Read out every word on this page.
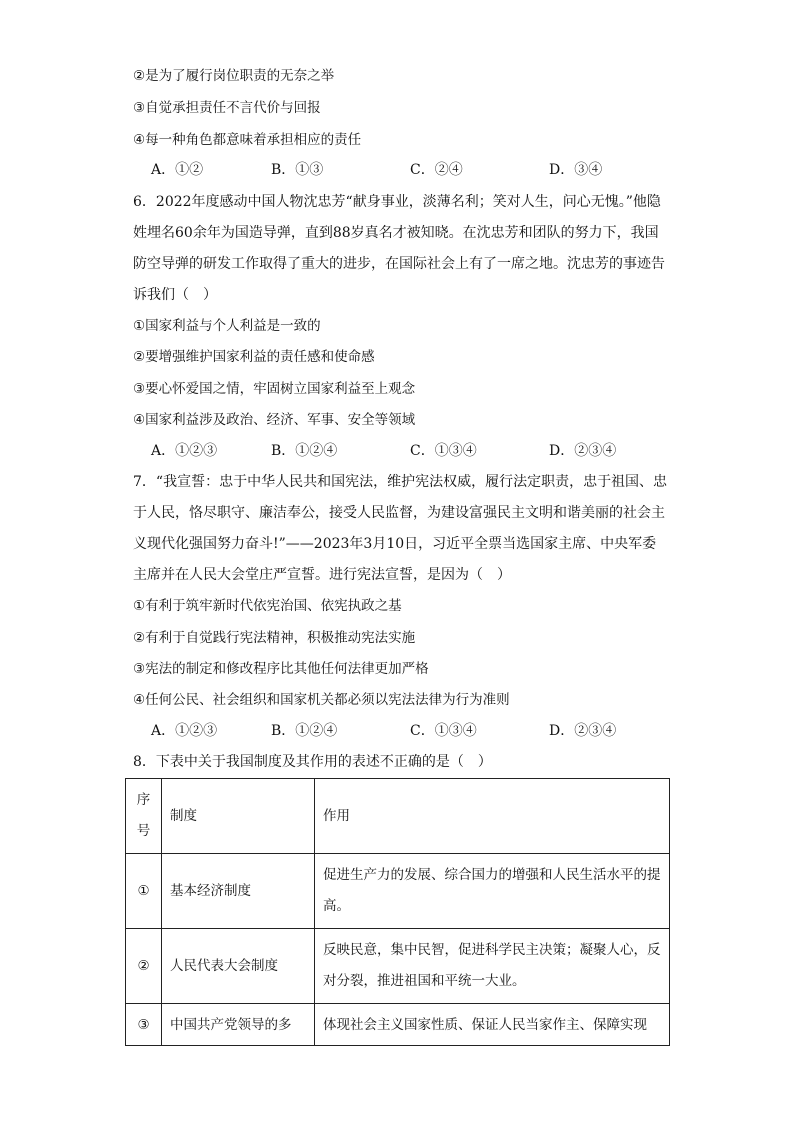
②是为了履行岗位职责的无奈之举
③自觉承担责任不言代价与回报
④每一种角色都意味着承担相应的责任
A．①②	B．①③	C．②④	D．③④
6．2022年度感动中国人物沈忠芳“献身事业，淡薄名利；笑对人生，问心无愧。”他隐
姓埋名60余年为国造导弹，直到88岁真名才被知晓。在沈忠芳和团队的努力下，我国
防空导弹的研发工作取得了重大的进步，在国际社会上有了一席之地。沈忠芳的事迹告
诉我们（　）
①国家利益与个人利益是一致的
②要增强维护国家利益的责任感和使命感
③要心怀爱国之情，牢固树立国家利益至上观念
④国家利益涉及政治、经济、军事、安全等领域
A．①②③	B．①②④	C．①③④	D．②③④
7．“我宣誓：忠于中华人民共和国宪法，维护宪法权威，履行法定职责，忠于祖国、忠
于人民，恪尽职守、廉洁奉公，接受人民监督，为建设富强民主文明和谐美丽的社会主
义现代化强国努力奋斗!”——2023年3月10日，习近平全票当选国家主席、中央军委
主席并在人民大会堂庄严宣誓。进行宪法宣誓，是因为（　）
①有利于筑牢新时代依宪治国、依宪执政之基
②有利于自觉践行宪法精神，积极推动宪法实施
③宪法的制定和修改程序比其他任何法律更加严格
④任何公民、社会组织和国家机关都必须以宪法法律为行为准则
A．①②③	B．①②④	C．①③④	D．②③④
8．下表中关于我国制度及其作用的表述不正确的是（　）
序号	制度	作用
①	基本经济制度	促进生产力的发展、综合国力的增强和人民生活水平的提高。
②	人民代表大会制度	反映民意，集中民智，促进科学民主决策；凝聚人心，反对分裂，推进祖国和平统一大业。
③	中国共产党领导的多	体现社会主义国家性质、保证人民当家作主、保障实现
